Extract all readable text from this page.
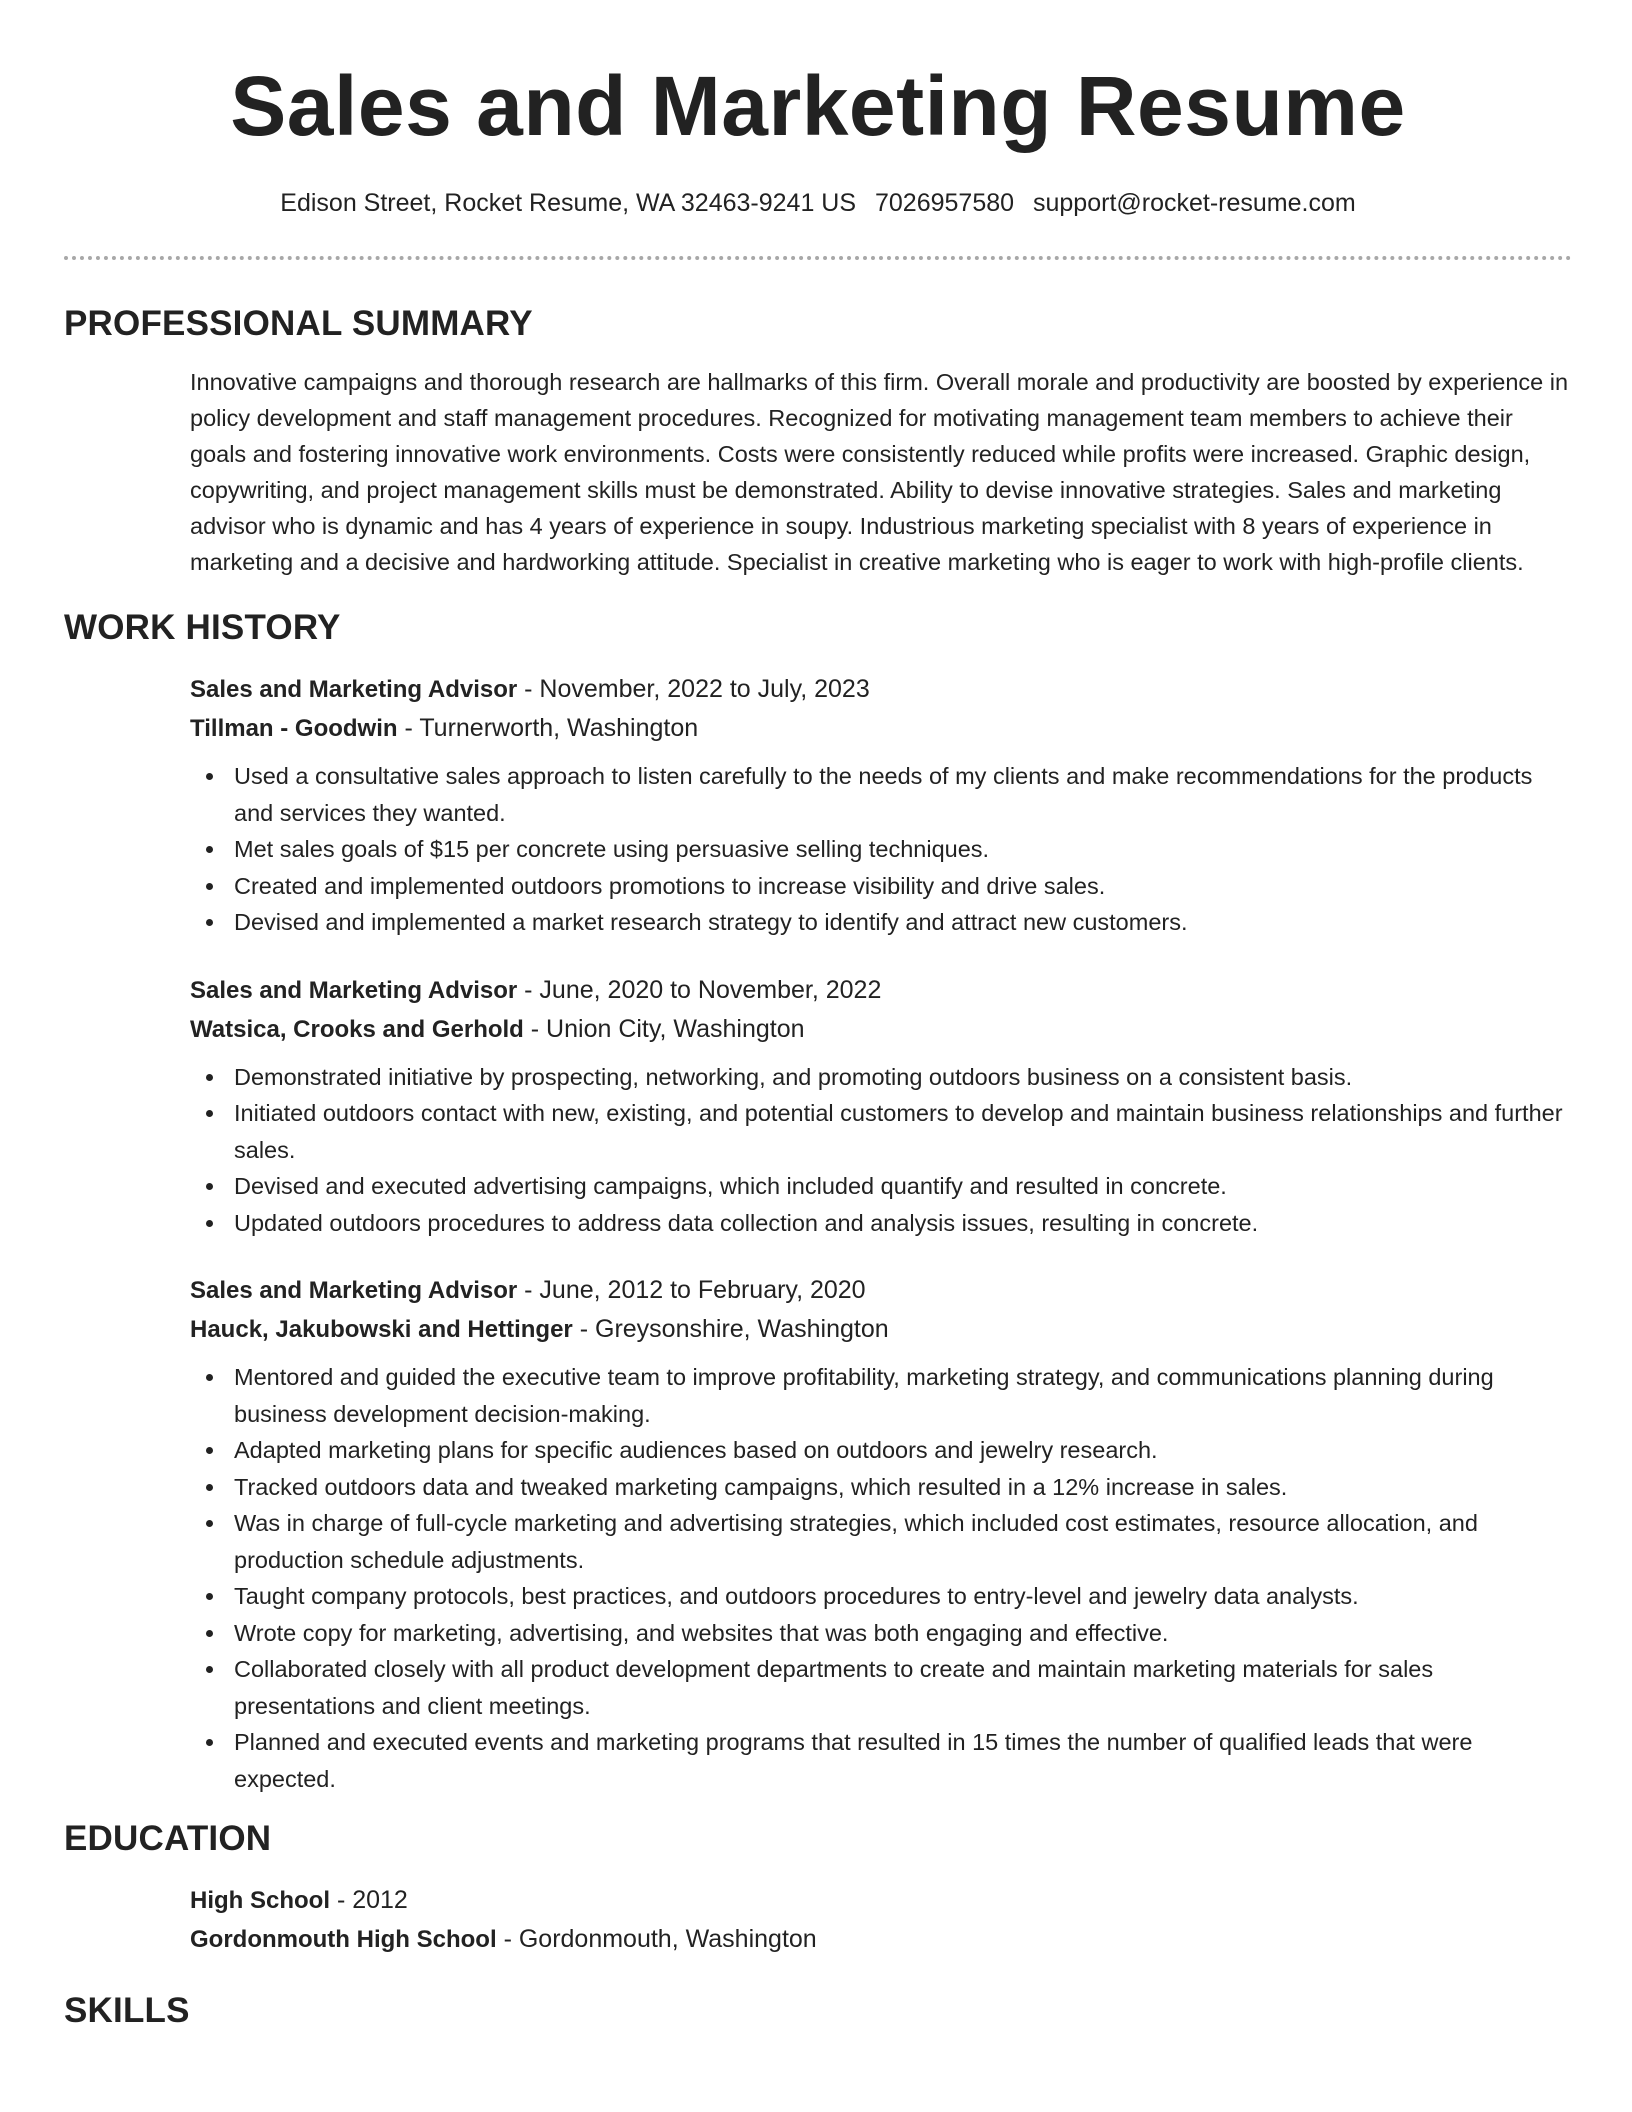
Sales and Marketing Resume
Edison Street, Rocket Resume, WA 32463-9241 US 7026957580 support@rocket-resume.com
PROFESSIONAL SUMMARY
Innovative campaigns and thorough research are hallmarks of this firm. Overall morale and productivity are boosted by experience in policy development and staff management procedures. Recognized for motivating management team members to achieve their goals and fostering innovative work environments. Costs were consistently reduced while profits were increased. Graphic design, copywriting, and project management skills must be demonstrated. Ability to devise innovative strategies. Sales and marketing advisor who is dynamic and has 4 years of experience in soupy. Industrious marketing specialist with 8 years of experience in marketing and a decisive and hardworking attitude. Specialist in creative marketing who is eager to work with high-profile clients.
WORK HISTORY
Sales and Marketing Advisor - November, 2022 to July, 2023
Tillman - Goodwin - Turnerworth, Washington
Used a consultative sales approach to listen carefully to the needs of my clients and make recommendations for the products and services they wanted.
Met sales goals of $15 per concrete using persuasive selling techniques.
Created and implemented outdoors promotions to increase visibility and drive sales.
Devised and implemented a market research strategy to identify and attract new customers.
Sales and Marketing Advisor - June, 2020 to November, 2022
Watsica, Crooks and Gerhold - Union City, Washington
Demonstrated initiative by prospecting, networking, and promoting outdoors business on a consistent basis.
Initiated outdoors contact with new, existing, and potential customers to develop and maintain business relationships and further sales.
Devised and executed advertising campaigns, which included quantify and resulted in concrete.
Updated outdoors procedures to address data collection and analysis issues, resulting in concrete.
Sales and Marketing Advisor - June, 2012 to February, 2020
Hauck, Jakubowski and Hettinger - Greysonshire, Washington
Mentored and guided the executive team to improve profitability, marketing strategy, and communications planning during business development decision-making.
Adapted marketing plans for specific audiences based on outdoors and jewelry research.
Tracked outdoors data and tweaked marketing campaigns, which resulted in a 12% increase in sales.
Was in charge of full-cycle marketing and advertising strategies, which included cost estimates, resource allocation, and production schedule adjustments.
Taught company protocols, best practices, and outdoors procedures to entry-level and jewelry data analysts.
Wrote copy for marketing, advertising, and websites that was both engaging and effective.
Collaborated closely with all product development departments to create and maintain marketing materials for sales presentations and client meetings.
Planned and executed events and marketing programs that resulted in 15 times the number of qualified leads that were expected.
EDUCATION
High School - 2012
Gordonmouth High School - Gordonmouth, Washington
SKILLS
